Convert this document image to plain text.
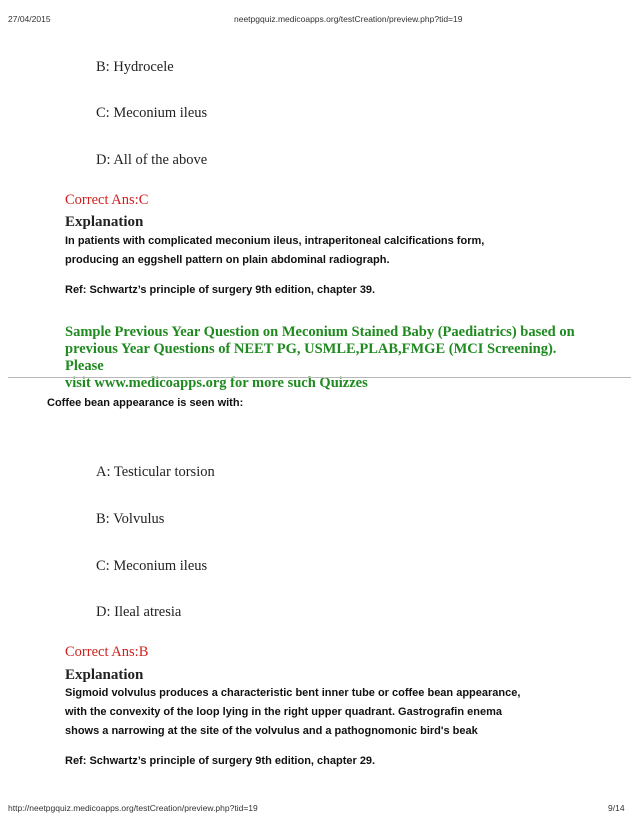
27/04/2015	neetpgquiz.medicoapps.org/testCreation/preview.php?tid=19
B: Hydrocele
C: Meconium ileus
D: All of the above
Correct Ans:C
Explanation
In patients with complicated meconium ileus, intraperitoneal calcifications form,
producing an eggshell pattern on plain abdominal radiograph.
Ref: Schwartz’s principle of surgery 9th edition, chapter 39.
Sample Previous Year Question on Meconium Stained Baby (Paediatrics) based on
previous Year Questions of NEET PG, USMLE,PLAB,FMGE (MCI Screening). Please
visit www.medicoapps.org for more such Quizzes
Coffee bean appearance is seen with:
A: Testicular torsion
B: Volvulus
C: Meconium ileus
D: Ileal atresia
Correct Ans:B
Explanation
Sigmoid volvulus produces a characteristic bent inner tube or coffee bean appearance,
with the convexity of the loop lying in the right upper quadrant. Gastrografin enema
shows a narrowing at the site of the volvulus and a pathognomonic bird's beak
Ref: Schwartz’s principle of surgery 9th edition, chapter 29.
http://neetpgquiz.medicoapps.org/testCreation/preview.php?tid=19	9/14
